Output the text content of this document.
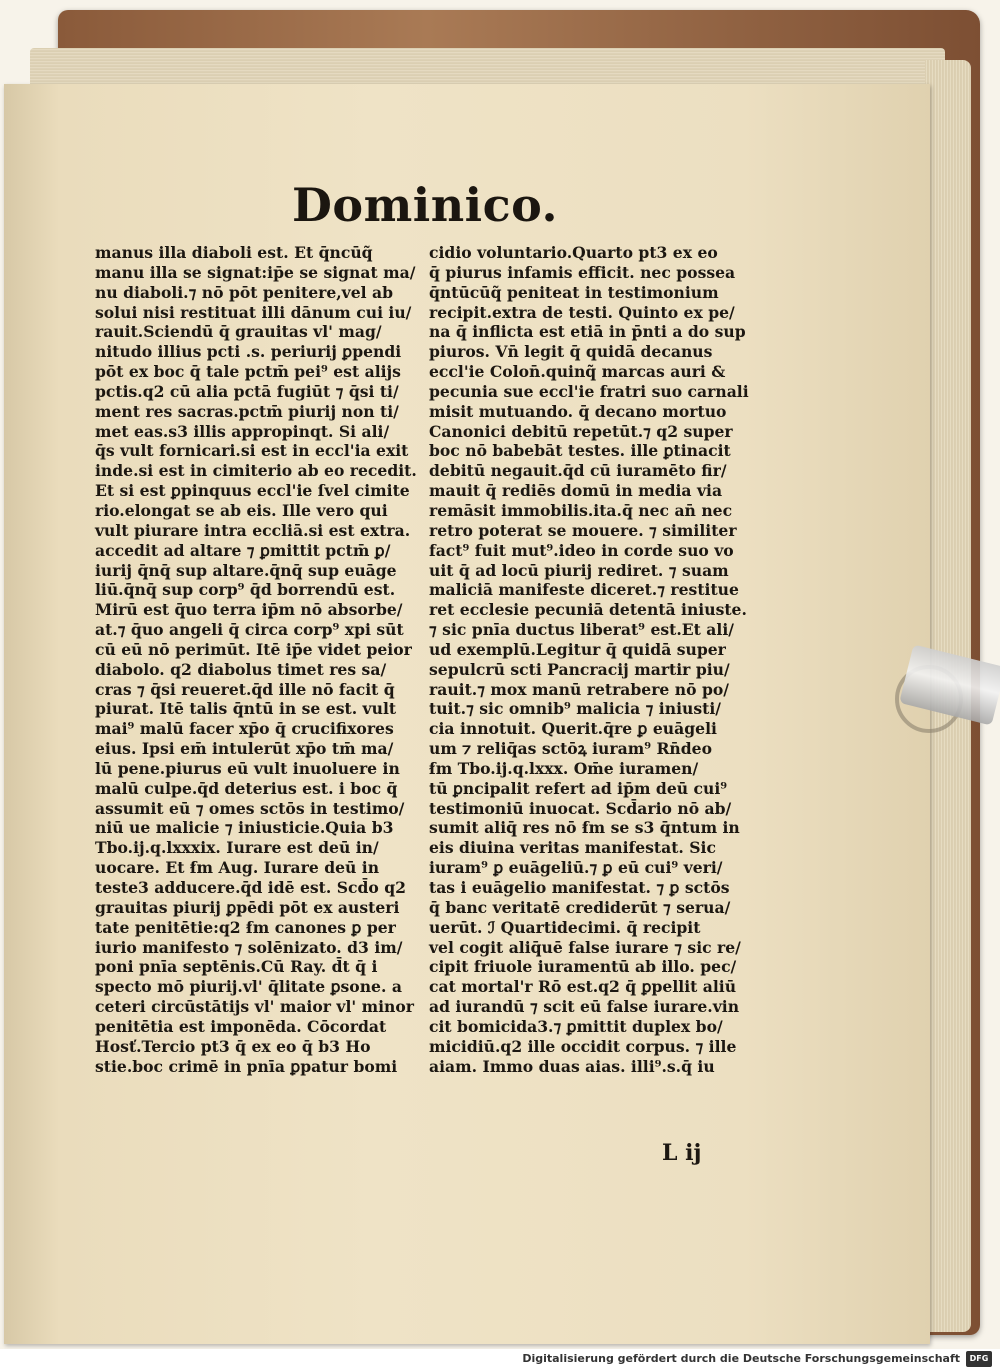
Dominico.
manus illa diaboli est. Et q̄ncūq̃
manu illa se signat:ip̄e se signat ma/
nu diaboli.⁊ nō pōt penitere,vel ab
solui nisi restituat illi dānum cui iu/
rauit.Sciendū q̄ grauitas vl' mag/
nitudo illius pcti .s. periurij ꝑpendi
pōt ex boc q̄ tale pctm̄ pei⁹ est alijs
pctis.q2 cū alia pctā fugiūt ⁊ q̄si ti/
ment res sacras.pctm̄ piurij non ti/
met eas.s3 illis appropinqt. Si ali/
q̄s vult fornicari.si est in eccl'ia exit
inde.si est in cimiterio ab eo recedit.
Et si est ꝑpinquus eccl'ie ſvel cimite
rio.elongat se ab eis. Ille vero qui
vult piurare intra eccliā.si est extra.
accedit ad altare ⁊ ꝑmittit pctm̄ ꝑ/
iurij q̄nq̄ sup altare.q̄nq̄ sup euāge
liū.q̄nq̄ sup corp⁹ q̄d borrendū est.
Mirū est q̄uo terra ip̄m nō absorbe/
at.⁊ q̄uo angeli q̄ circa corp⁹ xpi sūt
cū eū nō perimūt. Itē ip̄e videt peior
diabolo. q2 diabolus timet res sa/
cras ⁊ q̄si reueret.q̄d ille nō facit q̄
piurat. Itē talis q̄ntū in se est. vult
mai⁹ malū facer xp̄o q̄ crucifixores
eius. Ipsi em̄ intulerūt xp̄o tm̄ ma/
lū pene.piurus eū vult inuoluere in
malū culpe.q̄d deterius est. i boc q̄
assumit eū ⁊ omes sctōs in testimo/
niū ue malicie ⁊ iniusticie.Quia b3
Tbo.ij.q.lxxxix. Iurare est deū in/
uocare. Et ẜm Aug. Iurare deū in
teste3 adducere.q̄d idē est. Scd̄o q2
grauitas piurij ꝑpēdi pōt ex austeri
tate penitētie:q2 ẜm canones ꝑ per
iurio manifesto ⁊ solēnizato. d3 im/
poni pnīa septēnis.Cū Ray. d̄t q̄ i
specto mō piurij.vl' q̄litate ꝑsone. a
ceteri circūstātijs vl' maior vl' minor
penitētia est imponēda. Cōcordat
Hosť.Tercio pt3 q̄ ex eo q̄ b3 Ho
stie.boc crimē in pnīa ꝑpatur bomi
cidio voluntario.Quarto pt3 ex eo
q̄ piurus infamis efficit. nec possea
q̄ntūcūq̃ peniteat in testimonium
recipit.extra de testi. Quinto ex pe/
na q̄ inflicta est etiā in p̄nti a do sup
piuros. Vn̄ legit q̄ quidā decanus
eccl'ie Colon̄.quinq̃ marcas auri &
pecunia sue eccl'ie fratri suo carnali
misit mutuando. q̄ decano mortuo
Canonici debitū repetūt.⁊ q2 super
boc nō babebāt testes. ille ꝑtinacit
debitū negauit.q̄d cū iuramēto fir/
mauit q̄ rediēs domū in media via
remāsit immobilis.ita.q̄ nec an̄ nec
retro poterat se mouere. ⁊ similiter
fact⁹ fuit mut⁹.ideo in corde suo vo
uit q̄ ad locū piurij rediret. ⁊ suam
maliciā manifeste diceret.⁊ restitue
ret ecclesie pecuniā detentā iniuste.
⁊ sic pnīa ductus liberat⁹ est.Et ali/
ud exemplū.Legitur q̄ quidā super
sepulcrū scti Pancracij martir piu/
rauit.⁊ mox manū retrabere nō po/
tuit.⁊ sic omnib⁹ malicia ⁊ iniusti/
cia innotuit. Querit.q̄re ꝑ euāgeli
um ⁊ reliq̄as sctōꝝ iuram⁹ Rn̄deo
ẜm Tbo.ij.q.lxxx. Om̄e iuramen/
tū ꝑncipalit refert ad ip̄m deū cui⁹
testimoniū inuocat. Scd̄ario nō ab/
sumit aliq̄ res nō ẜm se s3 q̄ntum in
eis diuina veritas manifestat. Sic
iuram⁹ ꝑ euāgeliū.⁊ ꝑ eū cui⁹ veri/
tas i euāgelio manifestat. ⁊ ꝑ sctōs
q̄ banc veritatē crediderūt ⁊ serua/
uerūt. ℐ Quartidecimi. q̄ recipit
vel cogit aliq̄uē false iurare ⁊ sic re/
cipit friuole iuramentū ab illo. pec/
cat mortal'r Rō est.q2 q̄ ꝑpellit aliū
ad iurandū ⁊ scit eū false iurare.vin
cit bomicida3.⁊ ꝑmittit duplex bo/
micidiū.q2 ille occidit corpus. ⁊ ille
aiam. Immo duas aias. illi⁹.s.q̄ iu
L ij
Digitalisierung gefördert durch die Deutsche Forschungsgemeinschaft	DFG
